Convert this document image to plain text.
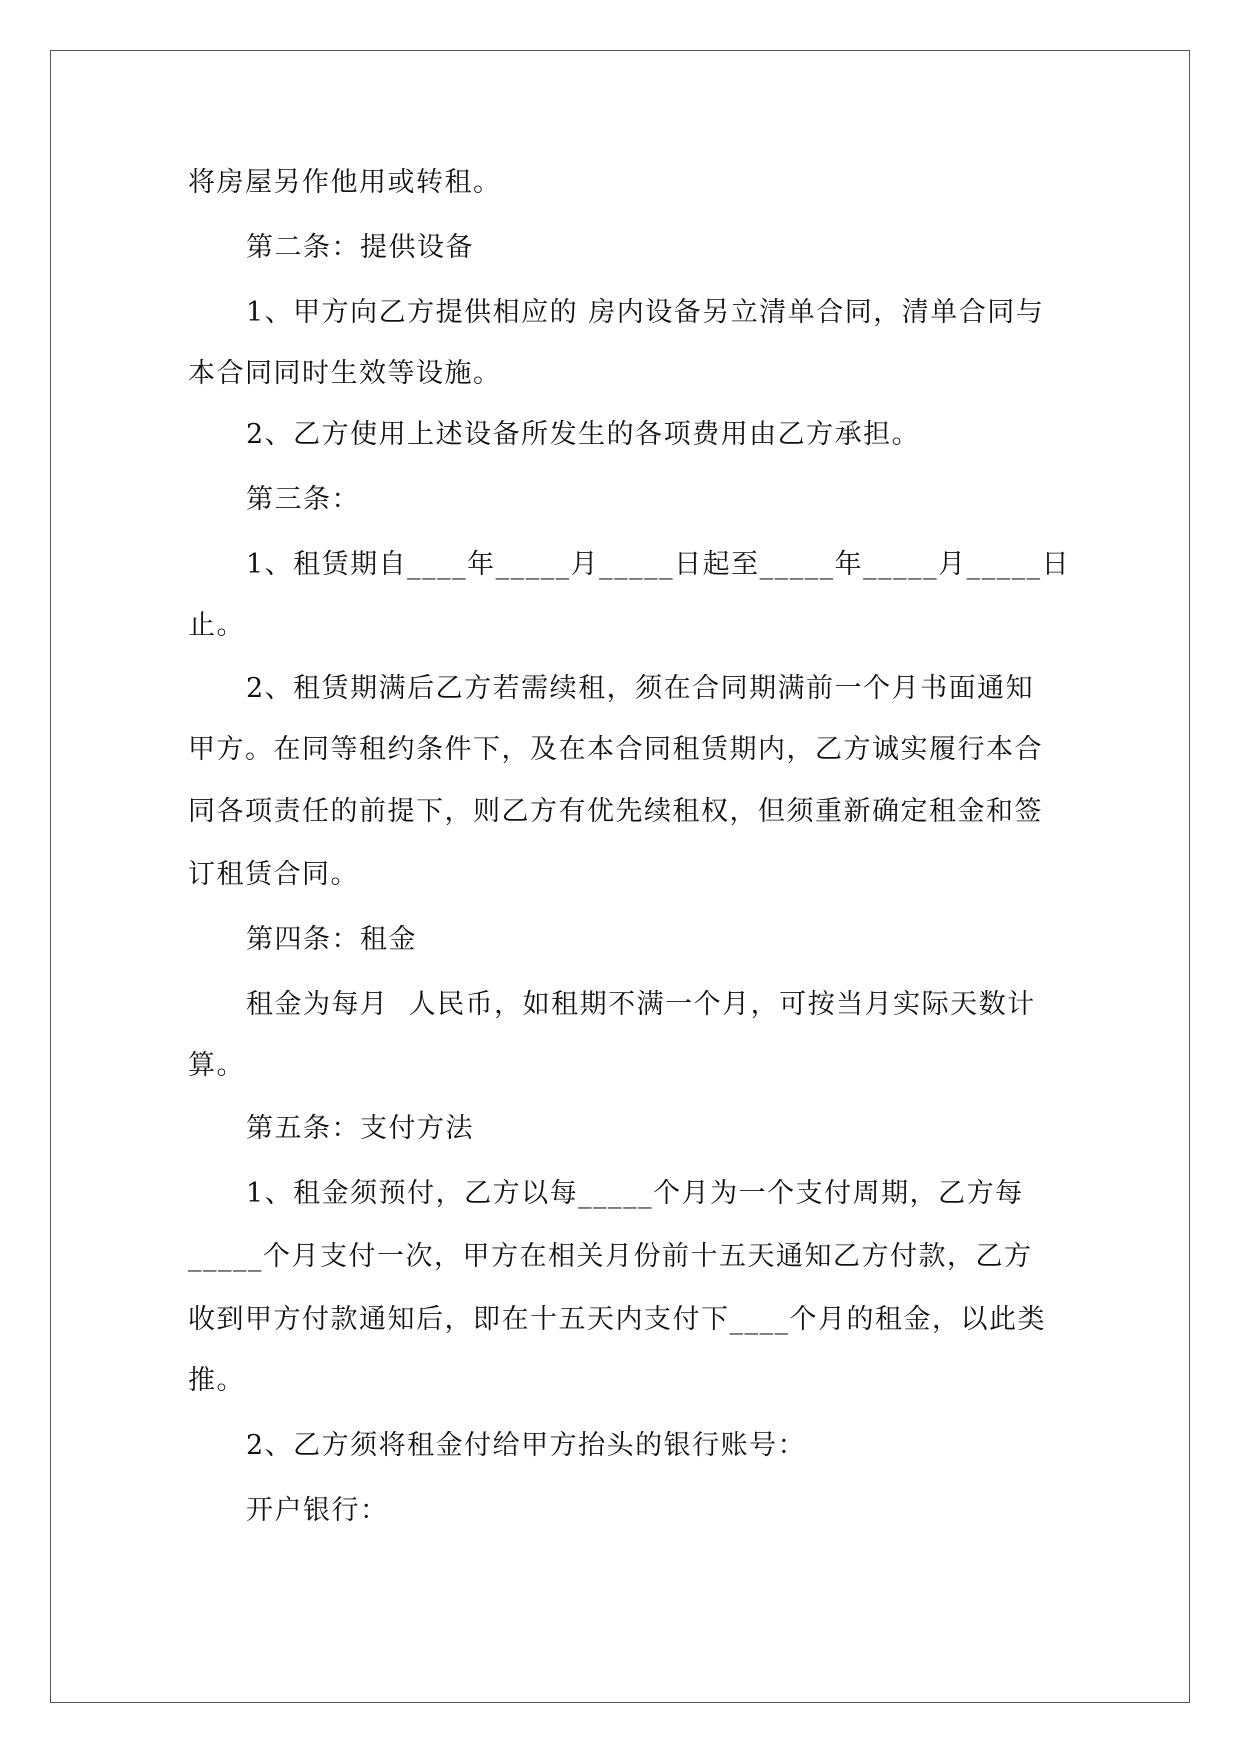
将房屋另作他用或转租。
第二条：提供设备
1、甲方向乙方提供相应的 房内设备另立清单合同，清单合同与
本合同同时生效等设施。
2、乙方使用上述设备所发生的各项费用由乙方承担。
第三条：
1、租赁期自____年_____月_____日起至_____年_____月_____日
止。
2、租赁期满后乙方若需续租，须在合同期满前一个月书面通知
甲方。在同等租约条件下，及在本合同租赁期内，乙方诚实履行本合
同各项责任的前提下，则乙方有优先续租权，但须重新确定租金和签
订租赁合同。
第四条：租金
租金为每月  人民币，如租期不满一个月，可按当月实际天数计
算。
第五条：支付方法
1、租金须预付，乙方以每_____个月为一个支付周期，乙方每
_____个月支付一次，甲方在相关月份前十五天通知乙方付款，乙方
收到甲方付款通知后，即在十五天内支付下____个月的租金，以此类
推。
2、乙方须将租金付给甲方抬头的银行账号：
开户银行：
